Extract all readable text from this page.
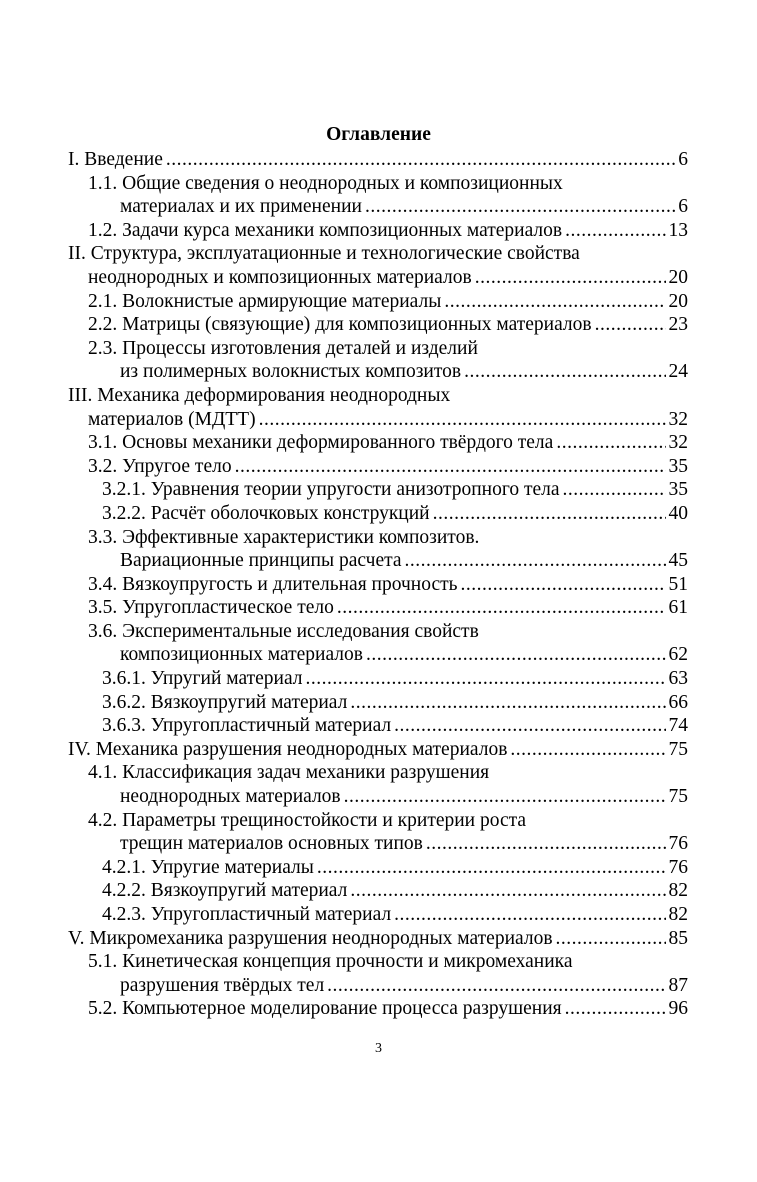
Оглавление
I. Введение .....	6
1.1. Общие сведения о неоднородных и композиционных
материалах и их применении .....	6
1.2. Задачи курса механики композиционных материалов .....	13
II. Структура, эксплуатационные и технологические свойства
неоднородных и композиционных материалов .....	20
2.1. Волокнистые армирующие материалы .....	20
2.2. Матрицы (связующие) для композиционных материалов .....	23
2.3. Процессы изготовления деталей и изделий
из полимерных волокнистых композитов .....	24
III. Механика деформирования неоднородных
материалов (МДТТ) .....	32
3.1. Основы механики деформированного твёрдого тела .....	32
3.2. Упругое тело .....	35
3.2.1. Уравнения теории упругости анизотропного тела .....	35
3.2.2. Расчёт оболочковых конструкций .....	40
3.3. Эффективные характеристики композитов.
Вариационные принципы расчета .....	45
3.4. Вязкоупругость и длительная прочность .....	51
3.5. Упругопластическое тело .....	61
3.6. Экспериментальные исследования свойств
композиционных материалов .....	62
3.6.1. Упругий материал .....	63
3.6.2. Вязкоупругий материал .....	66
3.6.3. Упругопластичный материал .....	74
IV. Механика разрушения неоднородных материалов .....	75
4.1. Классификация задач механики разрушения
неоднородных материалов .....	75
4.2. Параметры трещиностойкости и критерии роста
трещин материалов основных типов .....	76
4.2.1. Упругие материалы .....	76
4.2.2. Вязкоупругий материал .....	82
4.2.3. Упругопластичный материал .....	82
V. Микромеханика разрушения неоднородных материалов .....	85
5.1. Кинетическая концепция прочности и микромеханика
разрушения твёрдых тел .....	87
5.2. Компьютерное моделирование процесса разрушения .....	96
3
